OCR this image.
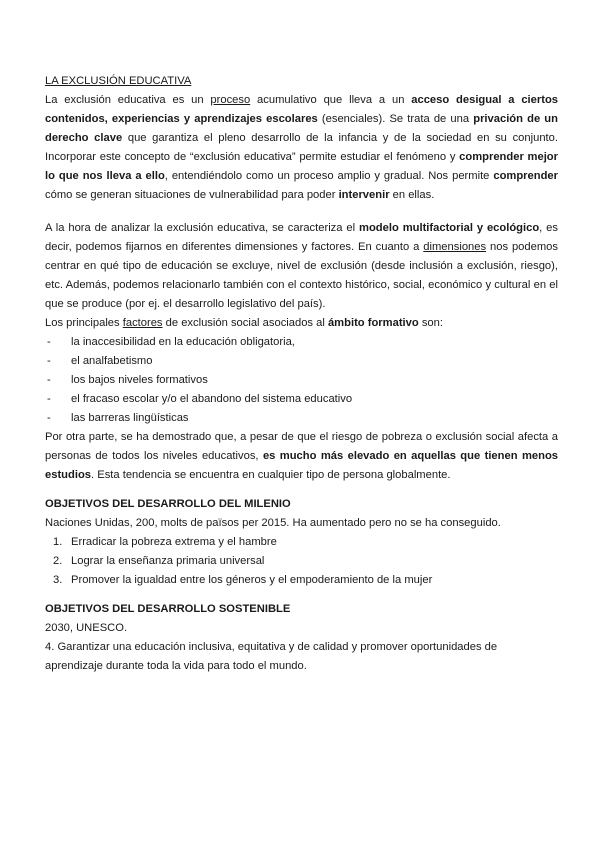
LA EXCLUSIÓN EDUCATIVA

La exclusión educativa es un proceso acumulativo que lleva a un acceso desigual a ciertos contenidos, experiencias y aprendizajes escolares (esenciales). Se trata de una privación de un derecho clave que garantiza el pleno desarrollo de la infancia y de la sociedad en su conjunto. Incorporar este concepto de “exclusión educativa” permite estudiar el fenómeno y comprender mejor lo que nos lleva a ello, entendiéndolo como un proceso amplio y gradual. Nos permite comprender cómo se generan situaciones de vulnerabilidad para poder intervenir en ellas.

A la hora de analizar la exclusión educativa, se caracteriza el modelo multifactorial y ecológico, es decir, podemos fijarnos en diferentes dimensiones y factores. En cuanto a dimensiones nos podemos centrar en qué tipo de educación se excluye, nivel de exclusión (desde inclusión a exclusión, riesgo), etc. Además, podemos relacionarlo también con el contexto histórico, social, económico y cultural en el que se produce (por ej. el desarrollo legislativo del país).

Los principales factores de exclusión social asociados al ámbito formativo son:

- la inaccesibilidad en la educación obligatoria,
- el analfabetismo
- los bajos niveles formativos
- el fracaso escolar y/o el abandono del sistema educativo
- las barreras lingüísticas

Por otra parte, se ha demostrado que, a pesar de que el riesgo de pobreza o exclusión social afecta a personas de todos los niveles educativos, es mucho más elevado en aquellas que tienen menos estudios. Esta tendencia se encuentra en cualquier tipo de persona globalmente.

OBJETIVOS DEL DESARROLLO DEL MILENIO

Naciones Unidas, 200, molts de països per 2015. Ha aumentado pero no se ha conseguido.

1. Erradicar la pobreza extrema y el hambre
2. Lograr la enseñanza primaria universal
3. Promover la igualdad entre los géneros y el empoderamiento de la mujer
OBJETIVOS DEL DESARROLLO SOSTENIBLE

2030, UNESCO.

4. Garantizar una educación inclusiva, equitativa y de calidad y promover oportunidades de aprendizaje durante toda la vida para todo el mundo.
